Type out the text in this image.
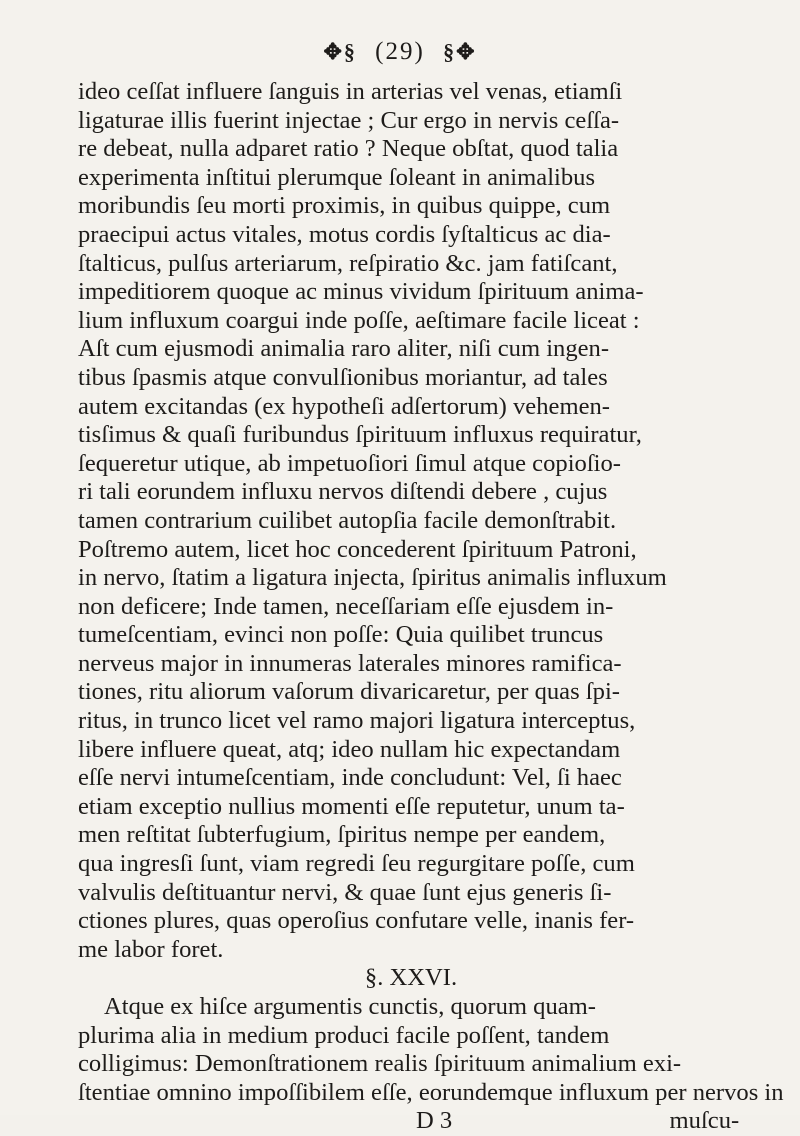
✥§ (29) §✥
ideo ceſſat influere ſanguis in arterias vel venas, etiamſi
ligaturae illis fuerint injectae ; Cur ergo in nervis ceſſa-
re debeat, nulla adparet ratio ? Neque obſtat, quod talia
experimenta inſtitui plerumque ſoleant in animalibus
moribundis ſeu morti proximis, in quibus quippe, cum
praecipui actus vitales, motus cordis ſyſtalticus ac dia-
ſtalticus, pulſus arteriarum, reſpiratio &c. jam fatiſcant,
impeditiorem quoque ac minus vividum ſpirituum anima-
lium influxum coargui inde poſſe, aeſtimare facile liceat :
Aſt cum ejusmodi animalia raro aliter, niſi cum ingen-
tibus ſpasmis atque convulſionibus moriantur, ad tales
autem excitandas (ex hypotheſi adſertorum) vehemen-
tisſimus & quaſi furibundus ſpirituum influxus requiratur,
ſequeretur utique, ab impetuoſiori ſimul atque copioſio-
ri tali eorundem influxu nervos diſtendi debere , cujus
tamen contrarium cuilibet autopſia facile demonſtrabit.
Poſtremo autem, licet hoc concederent ſpirituum Patroni,
in nervo, ſtatim a ligatura injecta, ſpiritus animalis influxum
non deficere; Inde tamen, neceſſariam eſſe ejusdem in-
tumeſcentiam, evinci non poſſe: Quia quilibet truncus
nerveus major in innumeras laterales minores ramifica-
tiones, ritu aliorum vaſorum divaricaretur, per quas ſpi-
ritus, in trunco licet vel ramo majori ligatura interceptus,
libere influere queat, atq; ideo nullam hic expectandam
eſſe nervi intumeſcentiam, inde concludunt: Vel, ſi haec
etiam exceptio nullius momenti eſſe reputetur, unum ta-
men reſtitat ſubterfugium, ſpiritus nempe per eandem,
qua ingresſi ſunt, viam regredi ſeu regurgitare poſſe, cum
valvulis deſtituantur nervi, & quae ſunt ejus generis ſi-
ctiones plures, quas operoſius confutare velle, inanis fer-
me labor foret.
§. XXVI.
Atque ex hiſce argumentis cunctis, quorum quam-
plurima alia in medium produci facile poſſent, tandem
colligimus: Demonſtrationem realis ſpirituum animalium exi-
ſtentiae omnino impoſſibilem eſſe, eorundemque influxum per nervos in
D 3	muſcu-
